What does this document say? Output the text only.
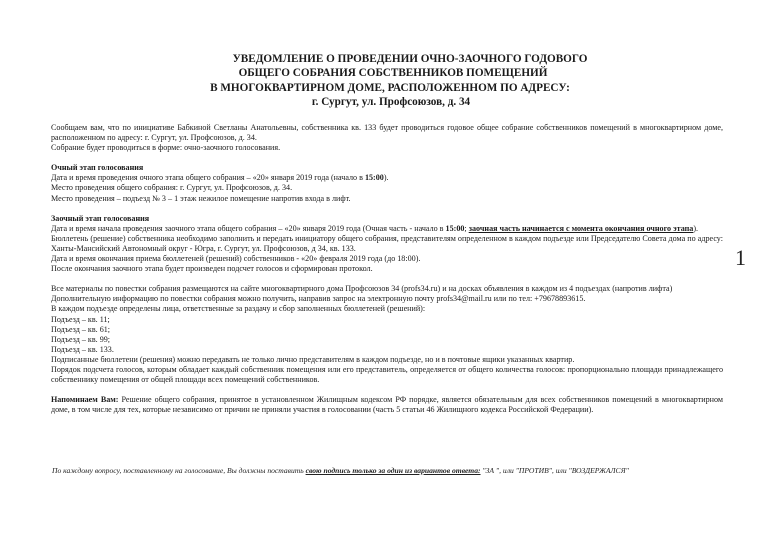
УВЕДОМЛЕНИЕ О ПРОВЕДЕНИИ ОЧНО-ЗАОЧНОГО ГОДОВОГО
ОБЩЕГО СОБРАНИЯ СОБСТВЕННИКОВ ПОМЕЩЕНИЙ
В МНОГОКВАРТИРНОМ ДОМЕ, РАСПОЛОЖЕННОМ ПО АДРЕСУ:
г. Сургут, ул. Профсоюзов, д. 34

Сообщаем вам, что по инициативе Бабкиной Светланы Анатольевны, собственника кв. 133 будет проводиться годовое общее собрание собственников помещений в многоквартирном доме, расположенном по адресу: г. Сургут, ул. Профсоюзов, д. 34.

Собрание будет проводиться в форме: очно-заочного голосования.

Очный этап голосования

Дата и время проведения очного этапа общего собрания – «20» января 2019 года (начало в 15:00).

Место проведения общего собрания: г. Сургут, ул. Профсоюзов, д. 34.

Место проведения – подъезд № 3 – 1 этаж нежилое помещение напротив входа в лифт.

Заочный этап голосования

Дата и время начала проведения заочного этапа общего собрания – «20» января 2019 года (Очная часть - начало в 15:00; заочная часть начинается с момента окончания очного этапа).

Бюллетень (решение) собственника необходимо заполнить и передать инициатору общего собрания, представителям определенном в каждом подъезде или Председателю Совета дома по адресу: Ханты-Мансийский Автономный округ - Югра, г. Сургут, ул. Профсоюзов, д 34, кв. 133.

Дата и время окончания приема бюллетеней (решений) собственников - «20» февраля 2019 года (до 18:00).

После окончания заочного этапа будет произведен подсчет голосов и сформирован протокол.

Все материалы по повестки собрания размещаются на сайте многоквартирного дома Профсоюзов 34 (profs34.ru) и на досках объявления в каждом из 4 подъездах (напротив лифта)

Дополнительную информацию по повестки собрания можно получить, направив запрос на электронную почту profs34@mail.ru или по тел: +79678893615.

В каждом подъезде определены лица, ответственные за раздачу и сбор заполненных бюллетеней (решений):

Подъезд – кв. 11;

Подъезд – кв. 61;

Подъезд – кв. 99;

Подъезд – кв. 133.

Подписанные бюллетени (решения) можно передавать не только лично представителям в каждом подъезде, но и в почтовые ящики указанных квартир.

Порядок подсчета голосов, которым обладает каждый собственник помещения или его представитель, определяется от общего количества голосов: пропорционально площади принадлежащего собственнику помещения от общей площади всех помещений собственников.

Напоминаем Вам: Решение общего собрания, принятое в установленном Жилищным кодексом РФ порядке, является обязательным для всех собственников помещений в многоквартирном доме, в том числе для тех, которые независимо от причин не приняли участия в голосовании (часть 5 статьи 46 Жилищного кодекса Российской Федерации).

1
По каждому вопросу, поставленному на голосование, Вы должны поставить свою подпись только за один из вариантов ответа: "ЗА ", или "ПРОТИВ", или "ВОЗДЕРЖАЛСЯ"
